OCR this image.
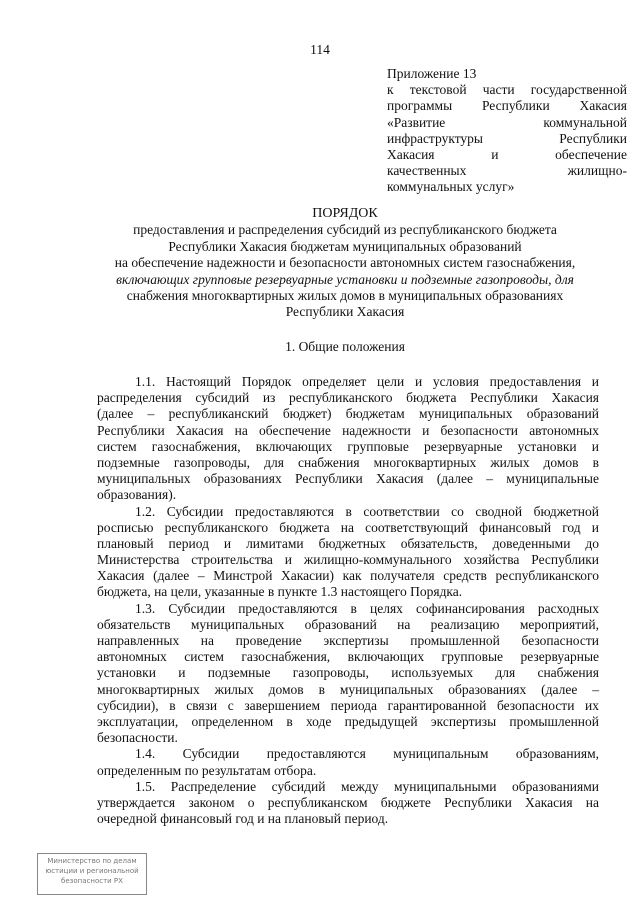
114
Приложение 13
к текстовой части государственной
программы Республики Хакасия
«Развитие коммунальной
инфраструктуры Республики
Хакасия и обеспечение
качественных жилищно-
коммунальных услуг»
ПОРЯДОК
предоставления и распределения субсидий из республиканского бюджета
Республики Хакасия бюджетам муниципальных образований
на обеспечение надежности и безопасности автономных систем газоснабжения,
включающих групповые резервуарные установки и подземные газопроводы, для
снабжения многоквартирных жилых домов в муниципальных образованиях
Республики Хакасия
1. Общие положения
1.1. Настоящий Порядок определяет цели и условия предоставления и
распределения субсидий из республиканского бюджета Республики Хакасия
(далее – республиканский бюджет) бюджетам муниципальных образований
Республики Хакасия на обеспечение надежности и безопасности автономных
систем газоснабжения, включающих групповые резервуарные установки и
подземные газопроводы, для снабжения многоквартирных жилых домов в
муниципальных образованиях Республики Хакасия (далее – муниципальные
образования).
1.2. Субсидии предоставляются в соответствии со сводной бюджетной
росписью республиканского бюджета на соответствующий финансовый год и
плановый период и лимитами бюджетных обязательств, доведенными до
Министерства строительства и жилищно-коммунального хозяйства Республики
Хакасия (далее – Минстрой Хакасии) как получателя средств республиканского
бюджета, на цели, указанные в пункте 1.3 настоящего Порядка.
1.3. Субсидии предоставляются в целях софинансирования расходных
обязательств муниципальных образований на реализацию мероприятий,
направленных на проведение экспертизы промышленной безопасности
автономных систем газоснабжения, включающих групповые резервуарные
установки и подземные газопроводы, используемых для снабжения
многоквартирных жилых домов в муниципальных образованиях (далее –
субсидии), в связи с завершением периода гарантированной безопасности их
эксплуатации, определенном в ходе предыдущей экспертизы промышленной
безопасности.
1.4. Субсидии предоставляются муниципальным образованиям,
определенным по результатам отбора.
1.5. Распределение субсидий между муниципальными образованиями
утверждается законом о республиканском бюджете Республики Хакасия на
очередной финансовый год и на плановый период.
Министерство по делам
юстиции и региональной
безопасности РХ
